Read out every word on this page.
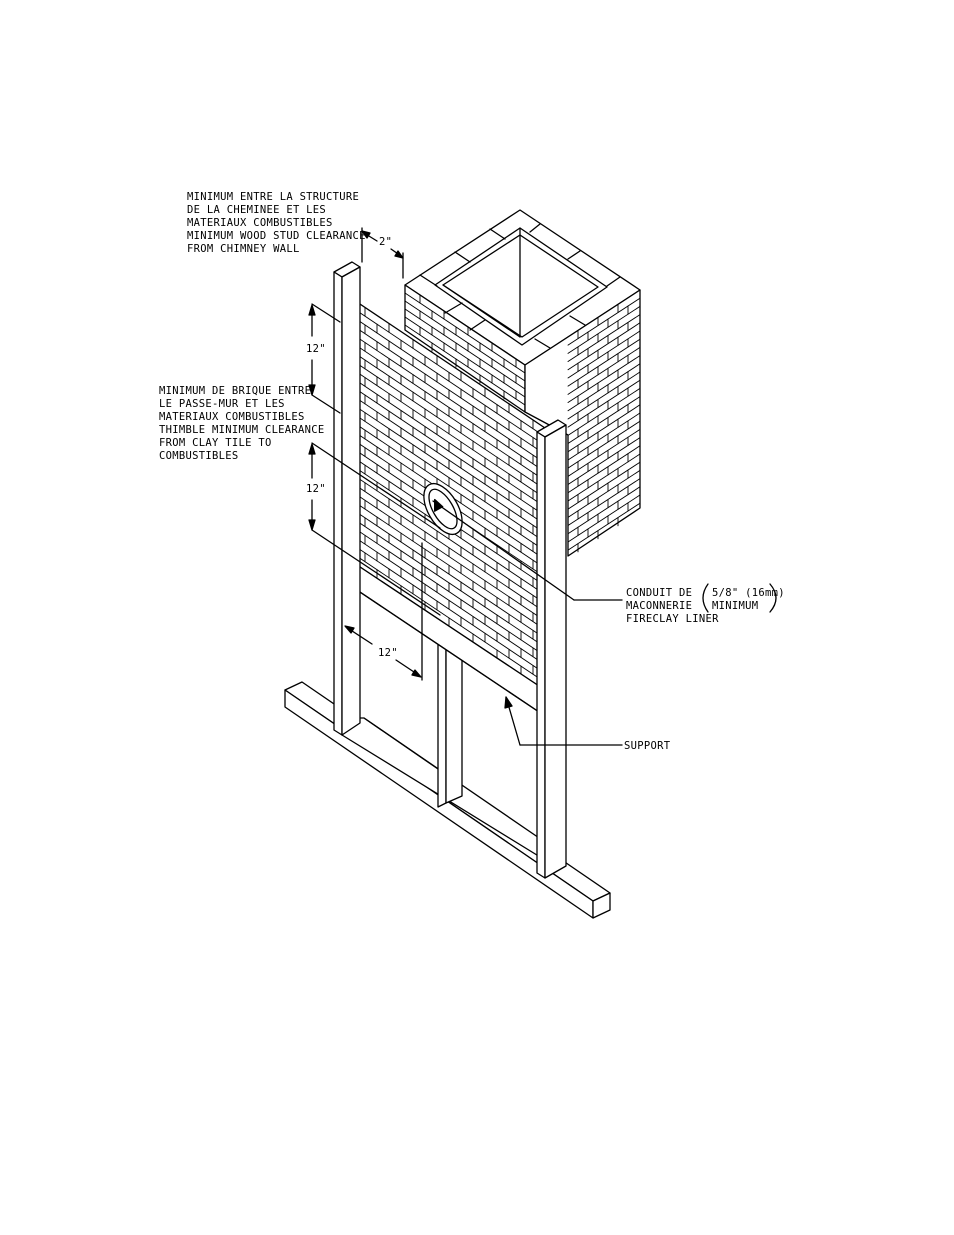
2"
12"
12"
12"
MINIMUM ENTRE LA STRUCTURE
DE LA CHEMINEE ET LES
MATERIAUX COMBUSTIBLES
MINIMUM WOOD STUD CLEARANCE
FROM CHIMNEY WALL
MINIMUM DE BRIQUE ENTRE
LE PASSE-MUR ET LES
MATERIAUX COMBUSTIBLES
THIMBLE MINIMUM CLEARANCE
FROM CLAY TILE TO
COMBUSTIBLES
CONDUIT DE
MACONNERIE
FIRECLAY LINER
5/8" (16mm)
MINIMUM
SUPPORT
